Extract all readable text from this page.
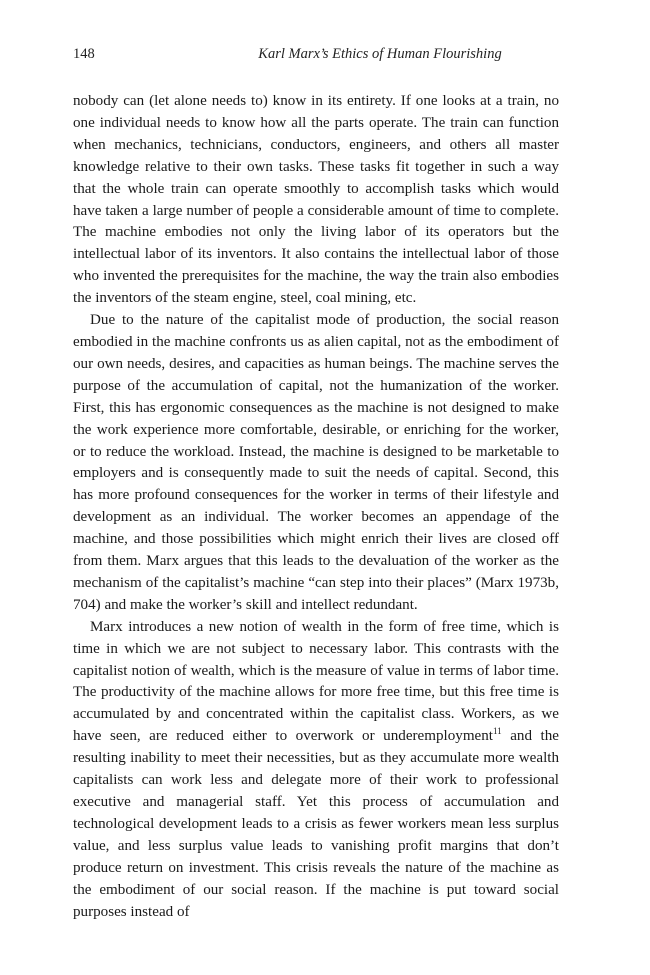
148	Karl Marx’s Ethics of Human Flourishing

nobody can (let alone needs to) know in its entirety. If one looks at a train, no one individual needs to know how all the parts operate. The train can function when mechanics, technicians, conductors, engineers, and others all master knowledge relative to their own tasks. These tasks fit together in such a way that the whole train can operate smoothly to accomplish tasks which would have taken a large number of people a considerable amount of time to complete. The machine embodies not only the living labor of its operators but the intellectual labor of its inventors. It also contains the intellectual labor of those who invented the prerequisites for the machine, the way the train also embodies the inventors of the steam engine, steel, coal mining, etc.

Due to the nature of the capitalist mode of production, the social reason embodied in the machine confronts us as alien capital, not as the embodiment of our own needs, desires, and capacities as human beings. The machine serves the purpose of the accumulation of capital, not the humanization of the worker. First, this has ergonomic consequences as the machine is not designed to make the work experience more comfortable, desirable, or enriching for the worker, or to reduce the workload. Instead, the machine is designed to be marketable to employers and is consequently made to suit the needs of capital. Second, this has more profound consequences for the worker in terms of their lifestyle and development as an individual. The worker becomes an appendage of the machine, and those possibilities which might enrich their lives are closed off from them. Marx argues that this leads to the devaluation of the worker as the mechanism of the capitalist’s machine “can step into their places” (Marx 1973b, 704) and make the worker’s skill and intellect redundant.

Marx introduces a new notion of wealth in the form of free time, which is time in which we are not subject to necessary labor. This contrasts with the capitalist notion of wealth, which is the measure of value in terms of labor time. The productivity of the machine allows for more free time, but this free time is accumulated by and concentrated within the capitalist class. Workers, as we have seen, are reduced either to overwork or underemployment$^{11}$ and the resulting inability to meet their necessities, but as they accumulate more wealth capitalists can work less and delegate more of their work to professional executive and managerial staff. Yet this process of accumulation and technological development leads to a crisis as fewer workers mean less surplus value, and less surplus value leads to vanishing profit margins that don’t produce return on investment. This crisis reveals the nature of the machine as the embodiment of our social reason. If the machine is put toward social purposes instead of
